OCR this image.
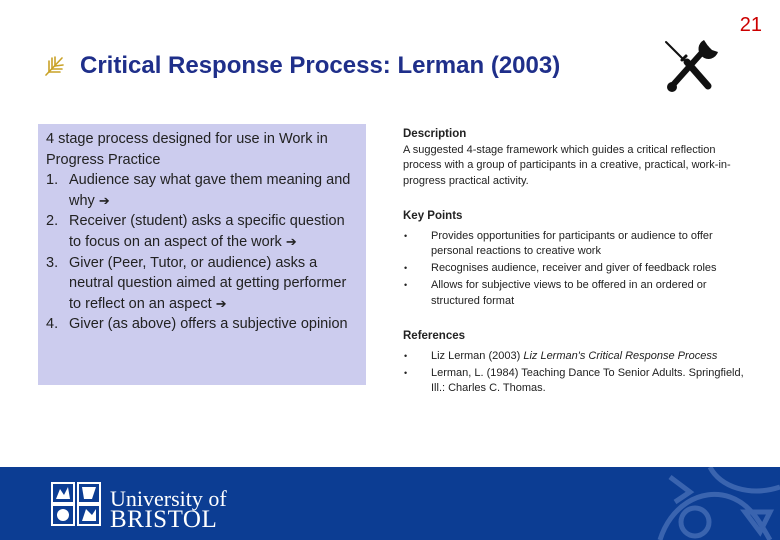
21
Critical Response Process: Lerman (2003)
4 stage process designed for use in Work in Progress Practice
1. Audience say what gave them meaning and why ➔
2. Receiver (student) asks a specific question to focus on an aspect of the work ➔
3. Giver (Peer, Tutor, or audience) asks a neutral question aimed at getting performer to reflect on an aspect ➔
4. Giver (as above) offers a subjective opinion
Description
A suggested 4-stage framework which guides a critical reflection process with a group of participants in a creative, practical, work-in-progress practical activity.
Key Points
• Provides opportunities for participants or audience to offer personal reactions to creative work
• Recognises audience, receiver and giver of feedback roles
• Allows for subjective views to be offered in an ordered or structured format
References
• Liz Lerman (2003) Liz Lerman's Critical Response Process
• Lerman, L. (1984) Teaching Dance To Senior Adults. Springfield, Ill.: Charles C. Thomas.
University of
BRISTOL
